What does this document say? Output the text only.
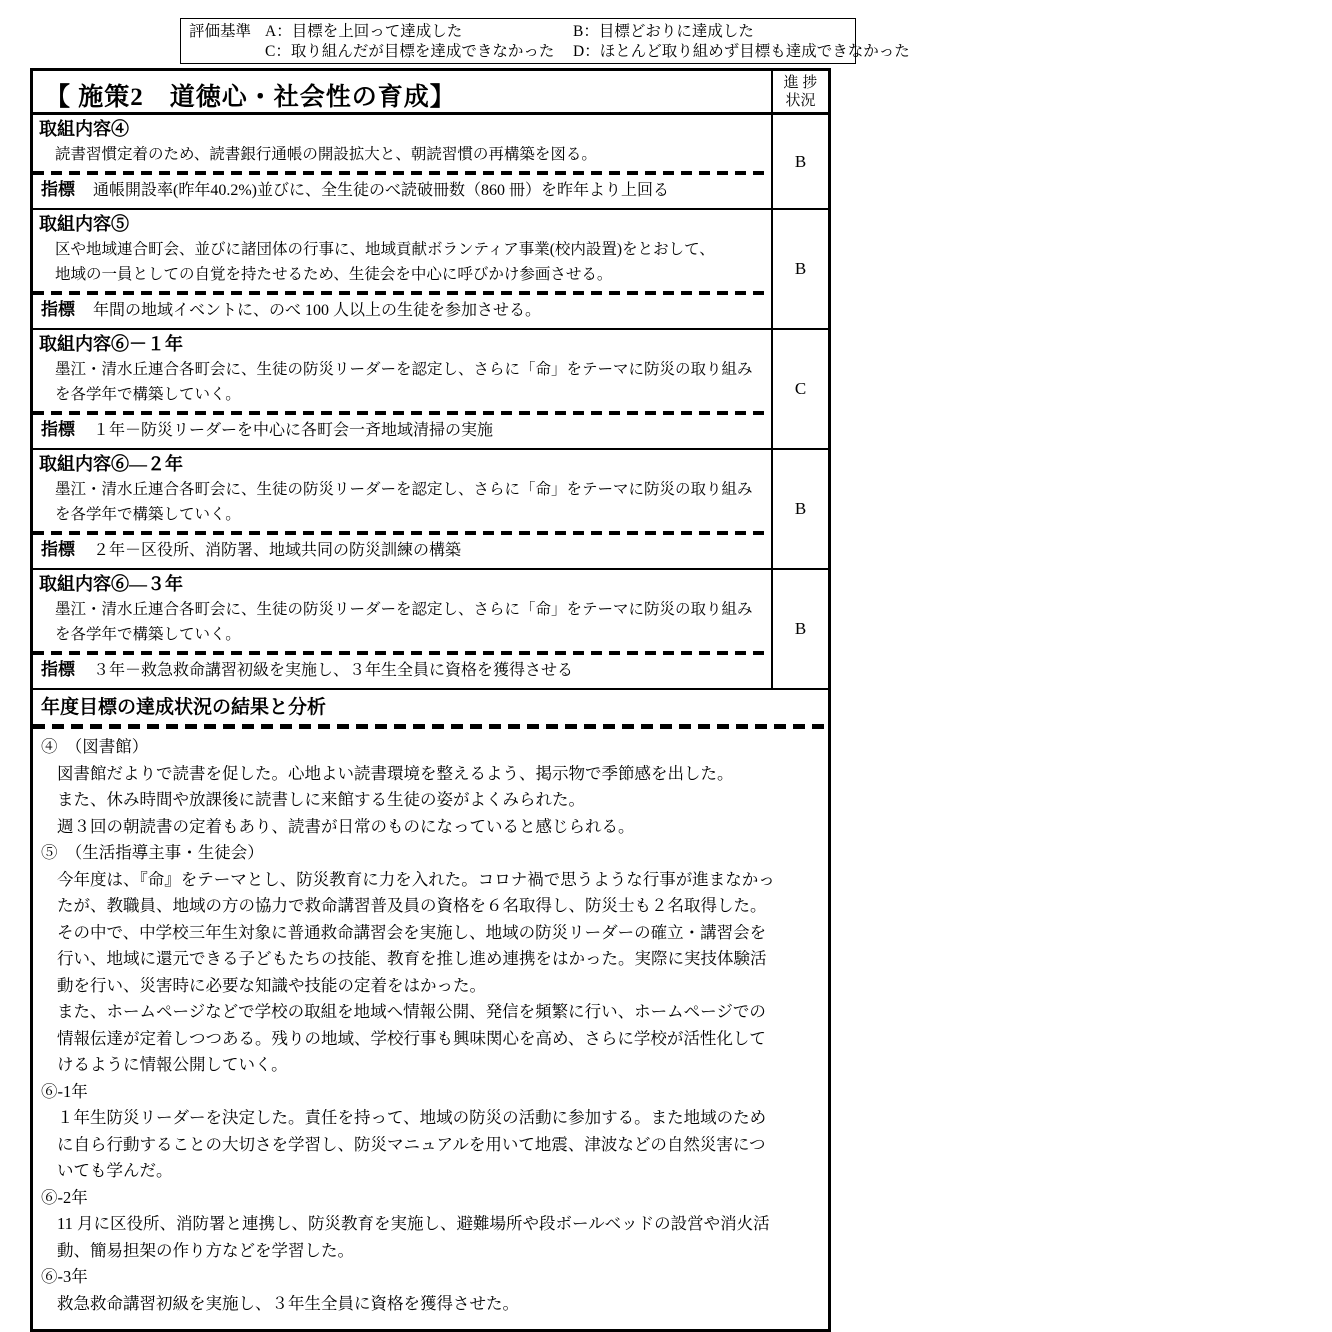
評価基準 A：目標を上回って達成した	B：目標どおりに達成した
C：取り組んだが目標を達成できなかった	D：ほとんど取り組めず目標も達成できなかった
【 施策2　道徳心・社会性の育成】
進 捗
状況
取組内容④
読書習慣定着のため、読書銀行通帳の開設拡大と、朝読習慣の再構築を図る。
指標 通帳開設率(昨年40.2%)並びに、全生徒のべ読破冊数（860 冊）を昨年より上回る
B
取組内容⑤
区や地域連合町会、並びに諸団体の行事に、地域貢献ボランティア事業(校内設置)をとおして、
地域の一員としての自覚を持たせるため、生徒会を中心に呼びかけ参画させる。
指標 年間の地域イベントに、のべ 100 人以上の生徒を参加させる。
B
取組内容⑥－１年
墨江・清水丘連合各町会に、生徒の防災リーダーを認定し、さらに「命」をテーマに防災の取り組み
を各学年で構築していく。
指標 １年－防災リーダーを中心に各町会一斉地域清掃の実施
C
取組内容⑥―２年
墨江・清水丘連合各町会に、生徒の防災リーダーを認定し、さらに「命」をテーマに防災の取り組み
を各学年で構築していく。
指標 ２年－区役所、消防署、地域共同の防災訓練の構築
B
取組内容⑥―３年
墨江・清水丘連合各町会に、生徒の防災リーダーを認定し、さらに「命」をテーマに防災の取り組み
を各学年で構築していく。
指標 ３年－救急救命講習初級を実施し、３年生全員に資格を獲得させる
B
年度目標の達成状況の結果と分析
④　（図書館）
図書館だよりで読書を促した。心地よい読書環境を整えるよう、掲示物で季節感を出した。
また、休み時間や放課後に読書しに来館する生徒の姿がよくみられた。
週３回の朝読書の定着もあり、読書が日常のものになっていると感じられる。
⑤　（生活指導主事・生徒会）
今年度は、『命』をテーマとし、防災教育に力を入れた。コロナ禍で思うような行事が進まなかっ
たが、教職員、地域の方の協力で救命講習普及員の資格を６名取得し、防災士も２名取得した。
その中で、中学校三年生対象に普通救命講習会を実施し、地域の防災リーダーの確立・講習会を
行い、地域に還元できる子どもたちの技能、教育を推し進め連携をはかった。実際に実技体験活
動を行い、災害時に必要な知識や技能の定着をはかった。
また、ホームページなどで学校の取組を地域へ情報公開、発信を頻繁に行い、ホームページでの
情報伝達が定着しつつある。残りの地域、学校行事も興味関心を高め、さらに学校が活性化して
けるように情報公開していく。
⑥-1年
１年生防災リーダーを決定した。責任を持って、地域の防災の活動に参加する。また地域のため
に自ら行動することの大切さを学習し、防災マニュアルを用いて地震、津波などの自然災害につ
いても学んだ。
⑥-2年
11 月に区役所、消防署と連携し、防災教育を実施し、避難場所や段ボールベッドの設営や消火活
動、簡易担架の作り方などを学習した。
⑥-3年
救急救命講習初級を実施し、３年生全員に資格を獲得させた。
